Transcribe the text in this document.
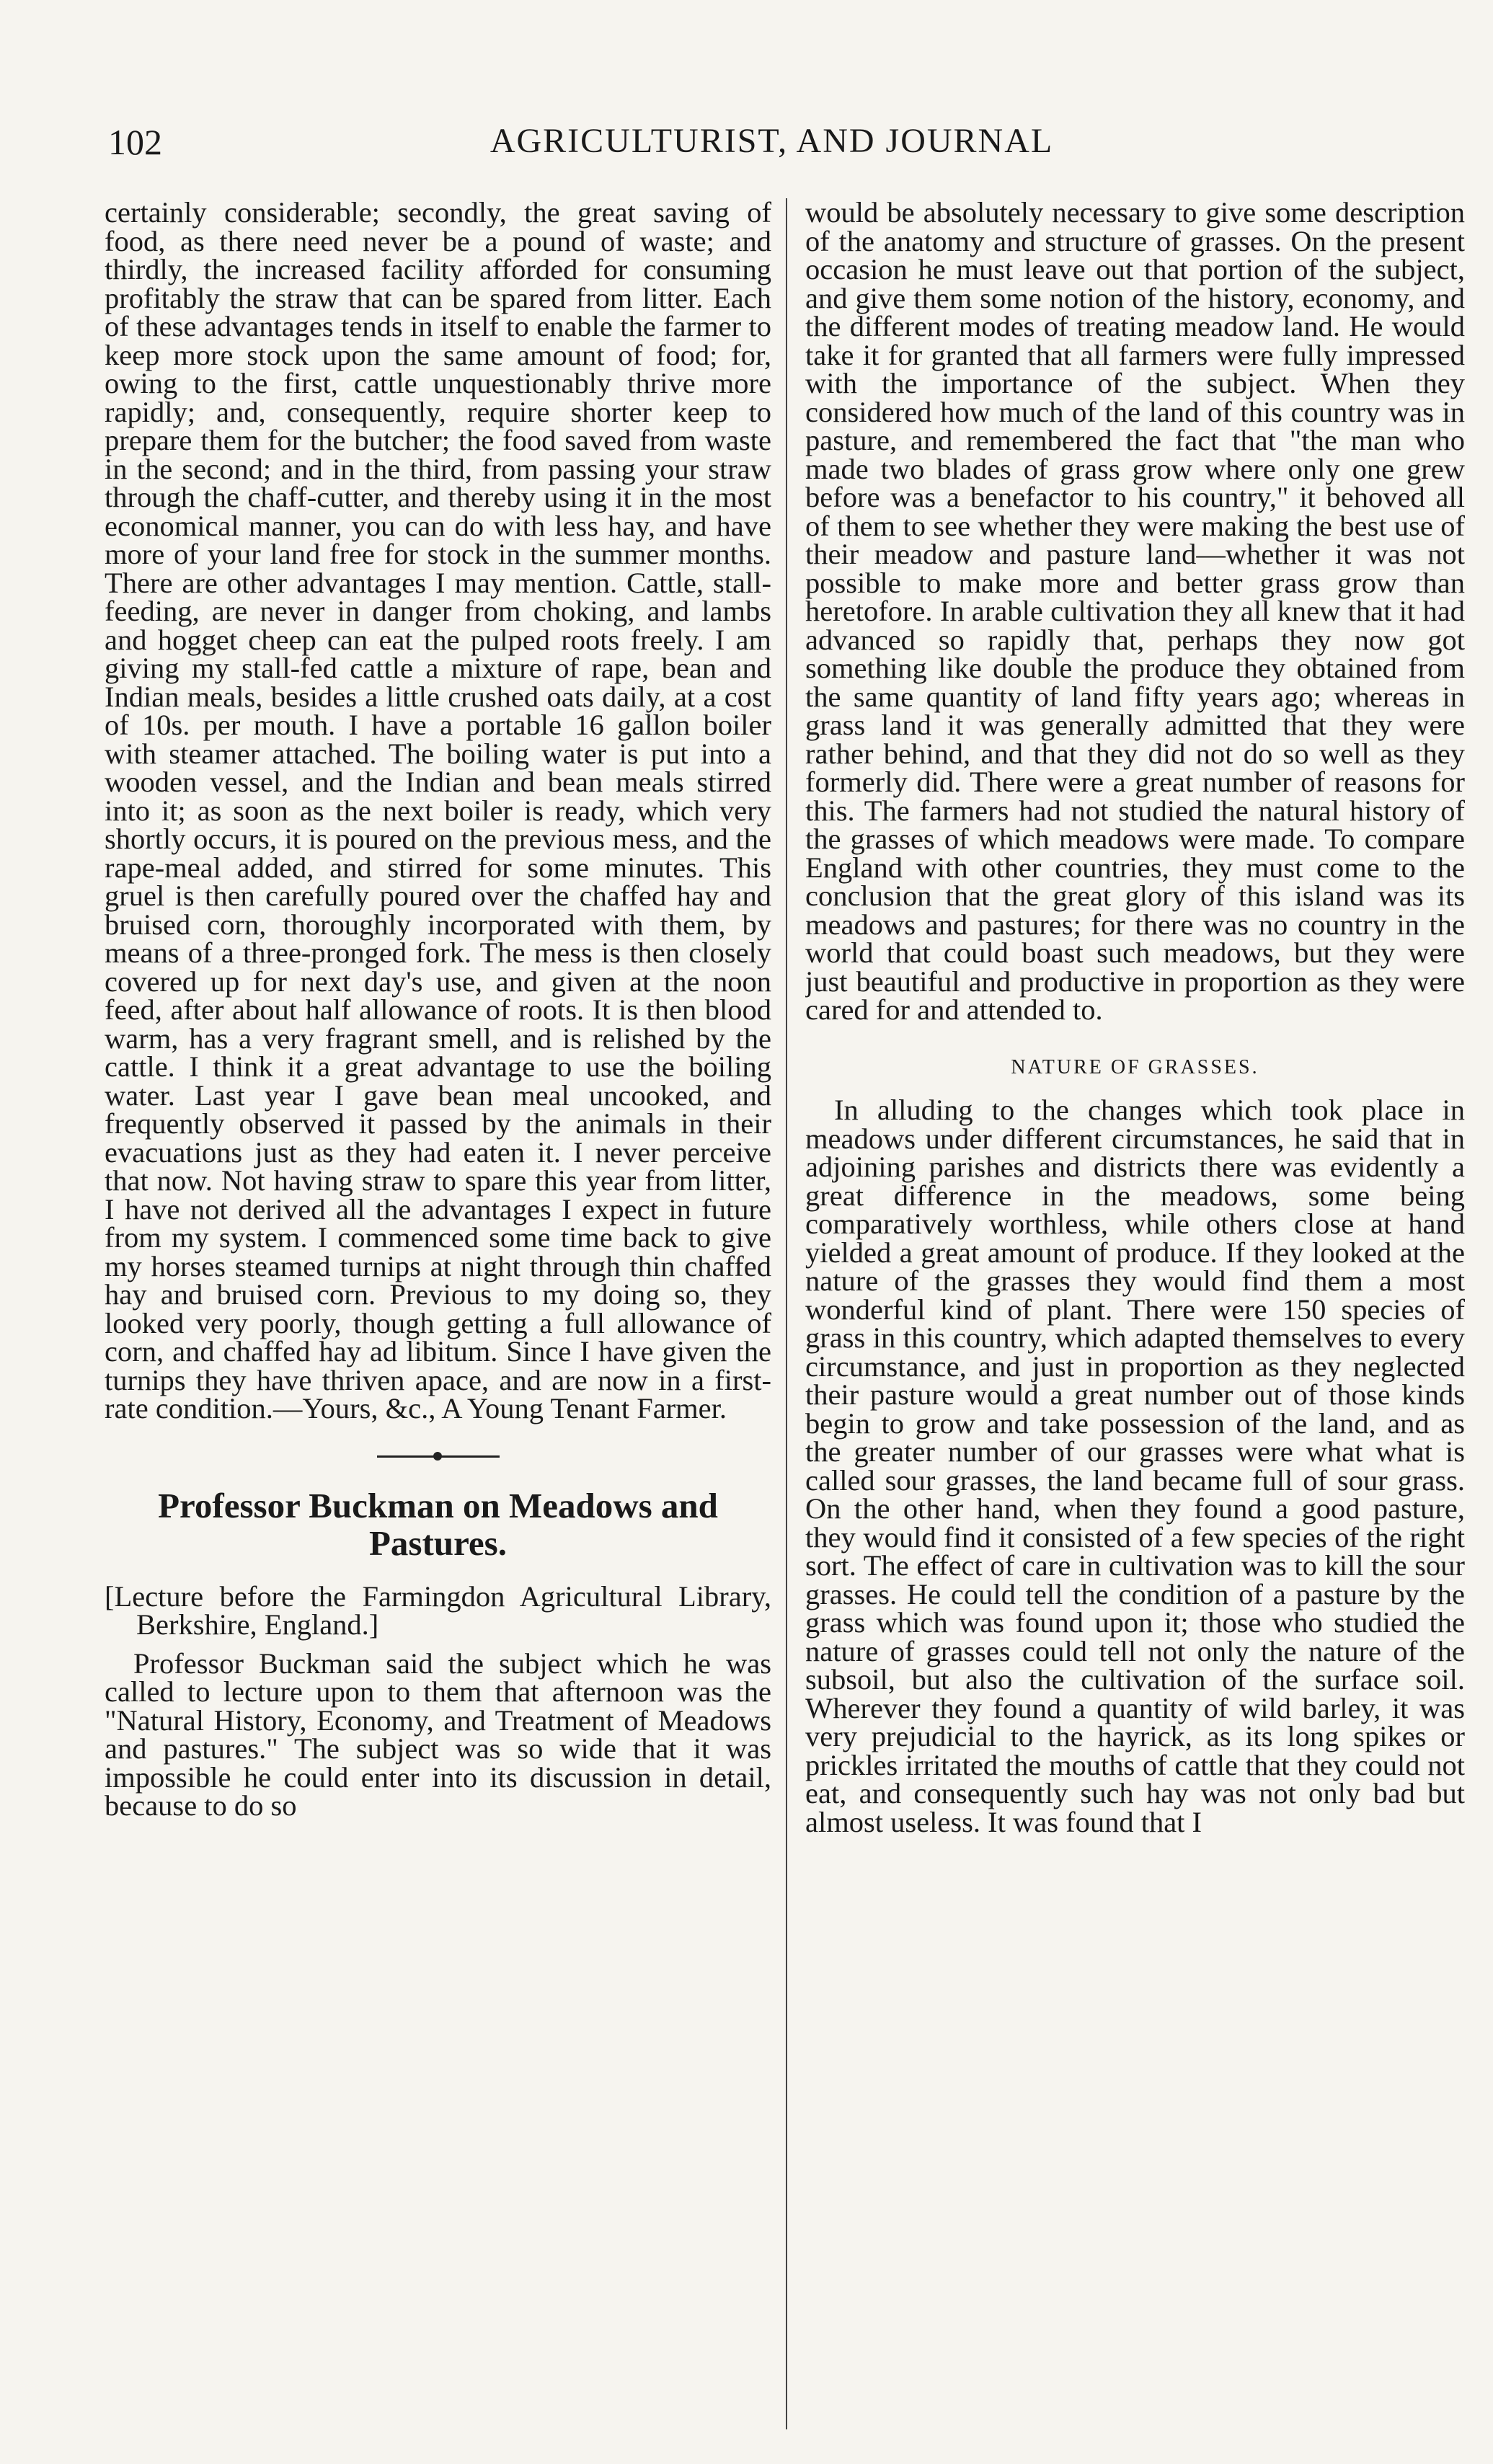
102	AGRICULTURIST, AND JOURNAL

certainly considerable; secondly, the great saving of food, as there need never be a pound of waste; and thirdly, the increased facility afforded for consuming profitably the straw that can be spared from litter. Each of these advantages tends in itself to enable the farmer to keep more stock upon the same amount of food; for, owing to the first, cattle unquestionably thrive more rapidly; and, consequently, require shorter keep to prepare them for the butcher; the food saved from waste in the second; and in the third, from passing your straw through the chaff-cutter, and thereby using it in the most economical manner, you can do with less hay, and have more of your land free for stock in the summer months. There are other advantages I may mention. Cattle, stall-feeding, are never in danger from choking, and lambs and hogget cheep can eat the pulped roots freely. I am giving my stall-fed cattle a mixture of rape, bean and Indian meals, besides a little crushed oats daily, at a cost of 10s. per mouth. I have a portable 16 gallon boiler with steamer attached. The boiling water is put into a wooden vessel, and the Indian and bean meals stirred into it; as soon as the next boiler is ready, which very shortly occurs, it is poured on the previous mess, and the rape-meal added, and stirred for some minutes. This gruel is then carefully poured over the chaffed hay and bruised corn, thoroughly incorporated with them, by means of a three-pronged fork. The mess is then closely covered up for next day's use, and given at the noon feed, after about half allowance of roots. It is then blood warm, has a very fragrant smell, and is relished by the cattle. I think it a great advantage to use the boiling water. Last year I gave bean meal uncooked, and frequently observed it passed by the animals in their evacuations just as they had eaten it. I never perceive that now. Not having straw to spare this year from litter, I have not derived all the advantages I expect in future from my system. I commenced some time back to give my horses steamed turnips at night through thin chaffed hay and bruised corn. Previous to my doing so, they looked very poorly, though getting a full allowance of corn, and chaffed hay ad libitum. Since I have given the turnips they have thriven apace, and are now in a first-rate condition.—Yours, &c., A Young Tenant Farmer.

Professor Buckman on Meadows and Pastures.

[Lecture before the Farmingdon Agricultural Library, Berkshire, England.]

Professor Buckman said the subject which he was called to lecture upon to them that afternoon was the "Natural History, Economy, and Treatment of Meadows and pastures." The subject was so wide that it was impossible he could enter into its discussion in detail, because to do so

would be absolutely necessary to give some description of the anatomy and structure of grasses. On the present occasion he must leave out that portion of the subject, and give them some notion of the history, economy, and the different modes of treating meadow land. He would take it for granted that all farmers were fully impressed with the importance of the subject. When they considered how much of the land of this country was in pasture, and remembered the fact that "the man who made two blades of grass grow where only one grew before was a benefactor to his country," it behoved all of them to see whether they were making the best use of their meadow and pasture land—whether it was not possible to make more and better grass grow than heretofore. In arable cultivation they all knew that it had advanced so rapidly that, perhaps they now got something like double the produce they obtained from the same quantity of land fifty years ago; whereas in grass land it was generally admitted that they were rather behind, and that they did not do so well as they formerly did. There were a great number of reasons for this. The farmers had not studied the natural history of the grasses of which meadows were made. To compare England with other countries, they must come to the conclusion that the great glory of this island was its meadows and pastures; for there was no country in the world that could boast such meadows, but they were just beautiful and productive in proportion as they were cared for and attended to.

NATURE OF GRASSES.

In alluding to the changes which took place in meadows under different circumstances, he said that in adjoining parishes and districts there was evidently a great difference in the meadows, some being comparatively worthless, while others close at hand yielded a great amount of produce. If they looked at the nature of the grasses they would find them a most wonderful kind of plant. There were 150 species of grass in this country, which adapted themselves to every circumstance, and just in proportion as they neglected their pasture would a great number out of those kinds begin to grow and take possession of the land, and as the greater number of our grasses were what what is called sour grasses, the land became full of sour grass. On the other hand, when they found a good pasture, they would find it consisted of a few species of the right sort. The effect of care in cultivation was to kill the sour grasses. He could tell the condition of a pasture by the grass which was found upon it; those who studied the nature of grasses could tell not only the nature of the subsoil, but also the cultivation of the surface soil. Wherever they found a quantity of wild barley, it was very prejudicial to the hayrick, as its long spikes or prickles irritated the mouths of cattle that they could not eat, and consequently such hay was not only bad but almost useless. It was found that I
